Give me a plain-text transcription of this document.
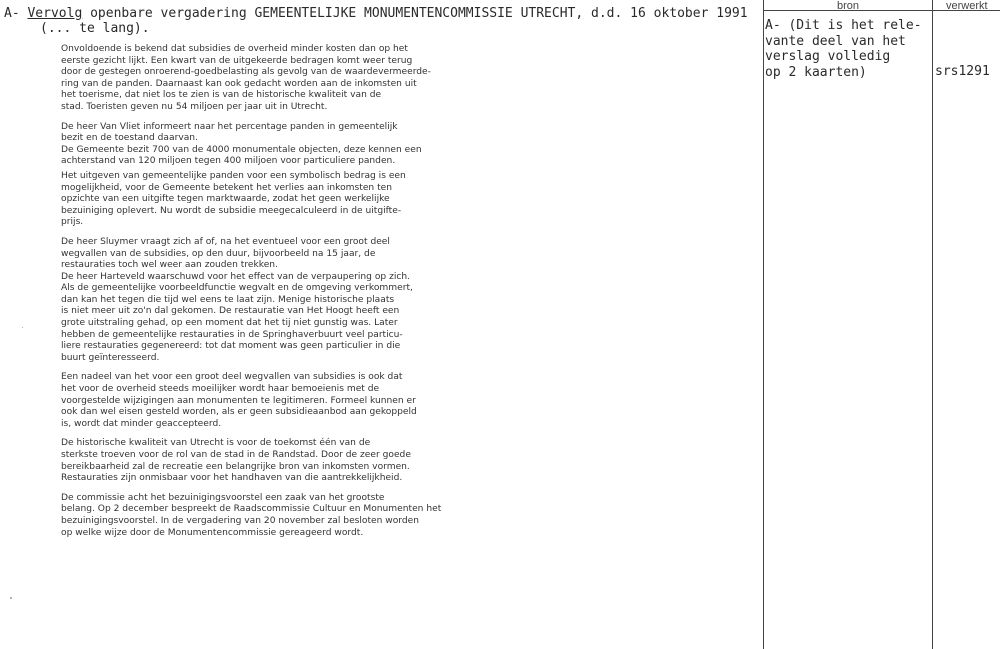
A- Vervolg openbare vergadering GEMEENTELIJKE MONUMENTENCOMMISSIE UTRECHT, d.d. 16 oktober 1991
(... te lang).

Onvoldoende is bekend dat subsidies de overheid minder kosten dan op het
eerste gezicht lijkt. Een kwart van de uitgekeerde bedragen komt weer terug
door de gestegen onroerend-goedbelasting als gevolg van de waardevermeerde-
ring van de panden. Daarnaast kan ook gedacht worden aan de inkomsten uit
het toerisme, dat niet los te zien is van de historische kwaliteit van de
stad. Toeristen geven nu 54 miljoen per jaar uit in Utrecht.

De heer Van Vliet informeert naar het percentage panden in gemeentelijk
bezit en de toestand daarvan.
De Gemeente bezit 700 van de 4000 monumentale objecten, deze kennen een
achterstand van 120 miljoen tegen 400 miljoen voor particuliere panden.

Het uitgeven van gemeentelijke panden voor een symbolisch bedrag is een
mogelijkheid, voor de Gemeente betekent het verlies aan inkomsten ten
opzichte van een uitgifte tegen marktwaarde, zodat het geen werkelijke
bezuiniging oplevert. Nu wordt de subsidie meegecalculeerd in de uitgifte-
prijs.

De heer Sluymer vraagt zich af of, na het eventueel voor een groot deel
wegvallen van de subsidies, op den duur, bijvoorbeeld na 15 jaar, de
restauraties toch wel weer aan zouden trekken.
De heer Harteveld waarschuwd voor het effect van de verpaupering op zich.
Als de gemeentelijke voorbeeldfunctie wegvalt en de omgeving verkommert,
dan kan het tegen die tijd wel eens te laat zijn. Menige historische plaats
is niet meer uit zo'n dal gekomen. De restauratie van Het Hoogt heeft een
grote uitstraling gehad, op een moment dat het tij niet gunstig was. Later
hebben de gemeentelijke restauraties in de Springhaverbuurt veel particu-
liere restauraties gegenereerd: tot dat moment was geen particulier in die
buurt geïnteresseerd.

Een nadeel van het voor een groot deel wegvallen van subsidies is ook dat
het voor de overheid steeds moeilijker wordt haar bemoeienis met de
voorgestelde wijzigingen aan monumenten te legitimeren. Formeel kunnen er
ook dan wel eisen gesteld worden, als er geen subsidieaanbod aan gekoppeld
is, wordt dat minder geaccepteerd.

De historische kwaliteit van Utrecht is voor de toekomst één van de
sterkste troeven voor de rol van de stad in de Randstad. Door de zeer goede
bereikbaarheid zal de recreatie een belangrijke bron van inkomsten vormen.
Restauraties zijn onmisbaar voor het handhaven van die aantrekkelijkheid.

De commissie acht het bezuinigingsvoorstel een zaak van het grootste
belang. Op 2 december bespreekt de Raadscommissie Cultuur en Monumenten het
bezuinigingsvoorstel. In de vergadering van 20 november zal besloten worden
op welke wijze door de Monumentencommissie gereageerd wordt.

bron	verwerkt
A- (Dit is het rele-
vante deel van het
verslag volledig
op 2 kaarten)	srs1291
